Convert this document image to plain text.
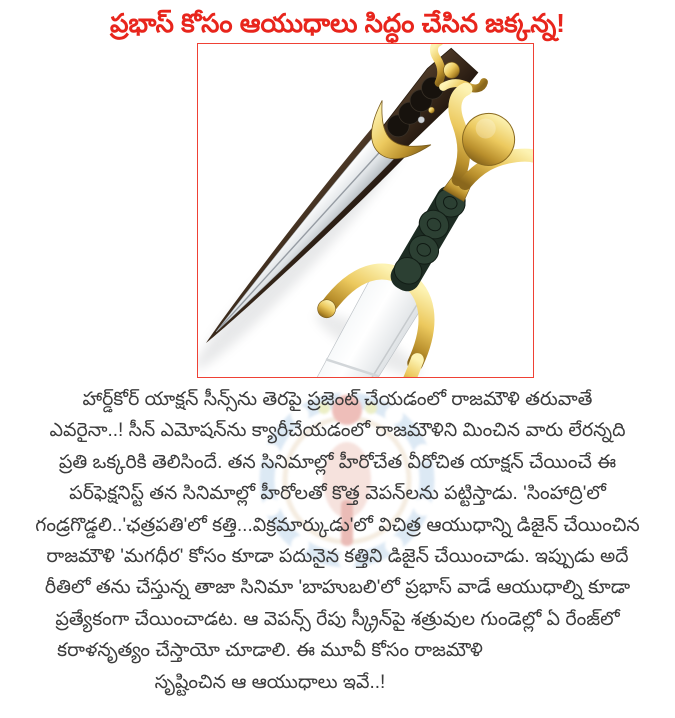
ప్రభాస్ కోసం ఆయుధాలు సిద్ధం చేసిన జక్కన్న!
హార్డ్‌కోర్ యాక్షన్ సీన్స్‌ను తెరపై ప్రజెంట్ చేయడంలో రాజమౌళి తరువాతే
ఎవరైనా..! సీన్ ఎమోషన్‌ను క్యారీచేయడంలో రాజమౌళిని మించిన వారు లేరన్నది
ప్రతి ఒక్కరికి తెలిసిందే. తన సినిమాల్లో హీరోచేత వీరోచిత యాక్షన్ చేయించే ఈ
పర్‌ఫెక్షనిస్ట్ తన సినిమాల్లో హీరోలతో కొత్త వెపన్‌లను పట్టిస్తాడు. 'సింహాద్రి'లో
గండ్రగొడ్డలి..'ఛత్రపతి'లో కత్తి...విక్రమార్కుడు'లో విచిత్ర ఆయుధాన్ని డిజైన్ చేయించిన
రాజమౌళి 'మగధీర' కోసం కూడా పదునైన కత్తిని డిజైన్ చేయించాడు. ఇప్పుడు అదే
రీతిలో తను చేస్తున్న తాజా సినిమా 'బాహుబలి'లో ప్రభాస్ వాడే ఆయుధాల్ని కూడా
ప్రత్యేకంగా చేయించాడట. ఆ వెపన్స్ రేపు స్క్రీన్‌పై శత్రువుల గుండెల్లో ఏ రేంజ్‌లో
కరాళనృత్యం చేస్తాయో చూడాలి. ఈ మూవీ కోసం రాజమౌళి
సృష్టించిన ఆ ఆయుధాలు ఇవే..!
